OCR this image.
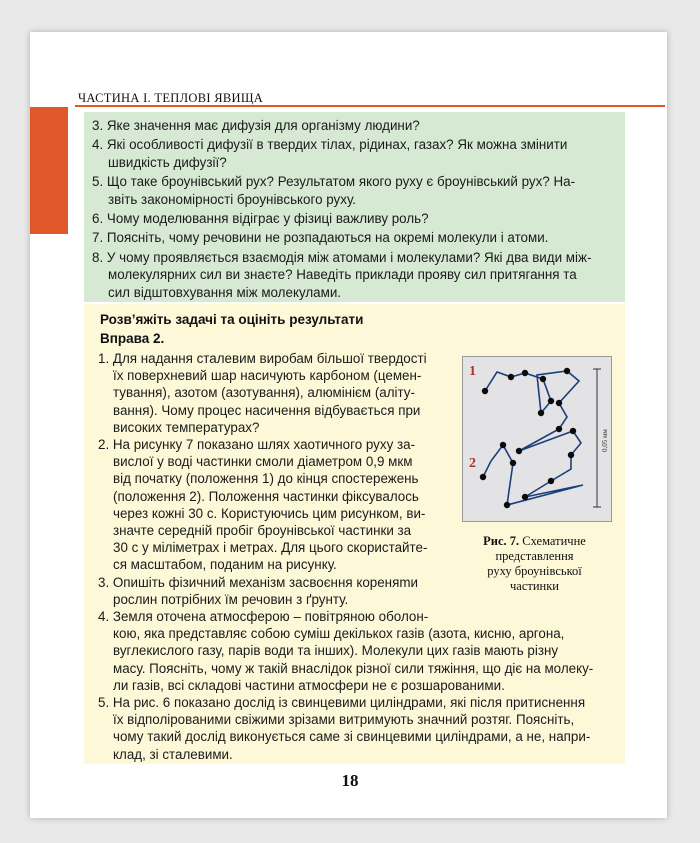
ЧАСТИНА І. ТЕПЛОВІ ЯВИЩА

3. Яке значення має дифузія для організму людини?

4. Які особливості дифузії в твердих тілах, рідинах, газах? Як можна змінити
швидкість дифузії?

5. Що таке броунівський рух? Результатом якого руху є броунівський рух? На-
звіть закономірності броунівського руху.

6. Чому моделювання відіграє у фізиці важливу роль?

7. Поясніть, чому речовини не розпадаються на окремі молекули і атоми.

8. У чому проявляється взаємодія між атомами і молекулами? Які два види між-
молекулярних сил ви знаєте? Наведіть приклади прояву сил притягання та
сил відштовхування між молекулами.

Розв’яжіть задачі та оцініть результати
Вправа 2.
1. Для надання сталевим виробам більшої твердості
їх поверхневий шар насичують карбоном (цемен-
тування), азотом (азотування), алюмінієм (аліту-
вання). Чому процес насичення відбувається при
високих температурах?
2. На рисунку 7 показано шлях хаотичного руху за-
вислої у воді частинки смоли діаметром 0,9 мкм
від початку (положення 1) до кінця спостережень
(положення 2). Положення частинки фіксувалось
через кожні 30 с. Користуючись цим рисунком, ви-
значте середній пробіг броунівської частинки за
30 с у міліметрах і метрах. Для цього скористайте-
ся масштабом, поданим на рисунку.
3. Опишіть фізичний механізм засвоєння кореняmи
рослин потрібних їм речовин з ґрунту.
4. Земля оточена атмосферою – повітряною оболон-
кою, яка представляє собою суміш декількох газів (азота, кисню, аргона,
вуглекислого газу, парів води та інших). Молекули цих газів мають різну
масу. Поясніть, чому ж такій внаслідок різної сили тяжіння, що діє на молеку-
ли газів, всі складові частини атмосфери не є розшарованими.
5. На рис. 6 показано дослід із свинцевими циліндрами, які після притиснення
їх відполірованими свіжими зрізами витримують значний розтяг. Поясніть,
чому такий дослід виконується саме зі свинцевими циліндрами, а не, напри-
клад, зі сталевими.
1
2
0,05 мм
Рис. 7. Схематичне
представлення
руху броунівської
частинки
18
